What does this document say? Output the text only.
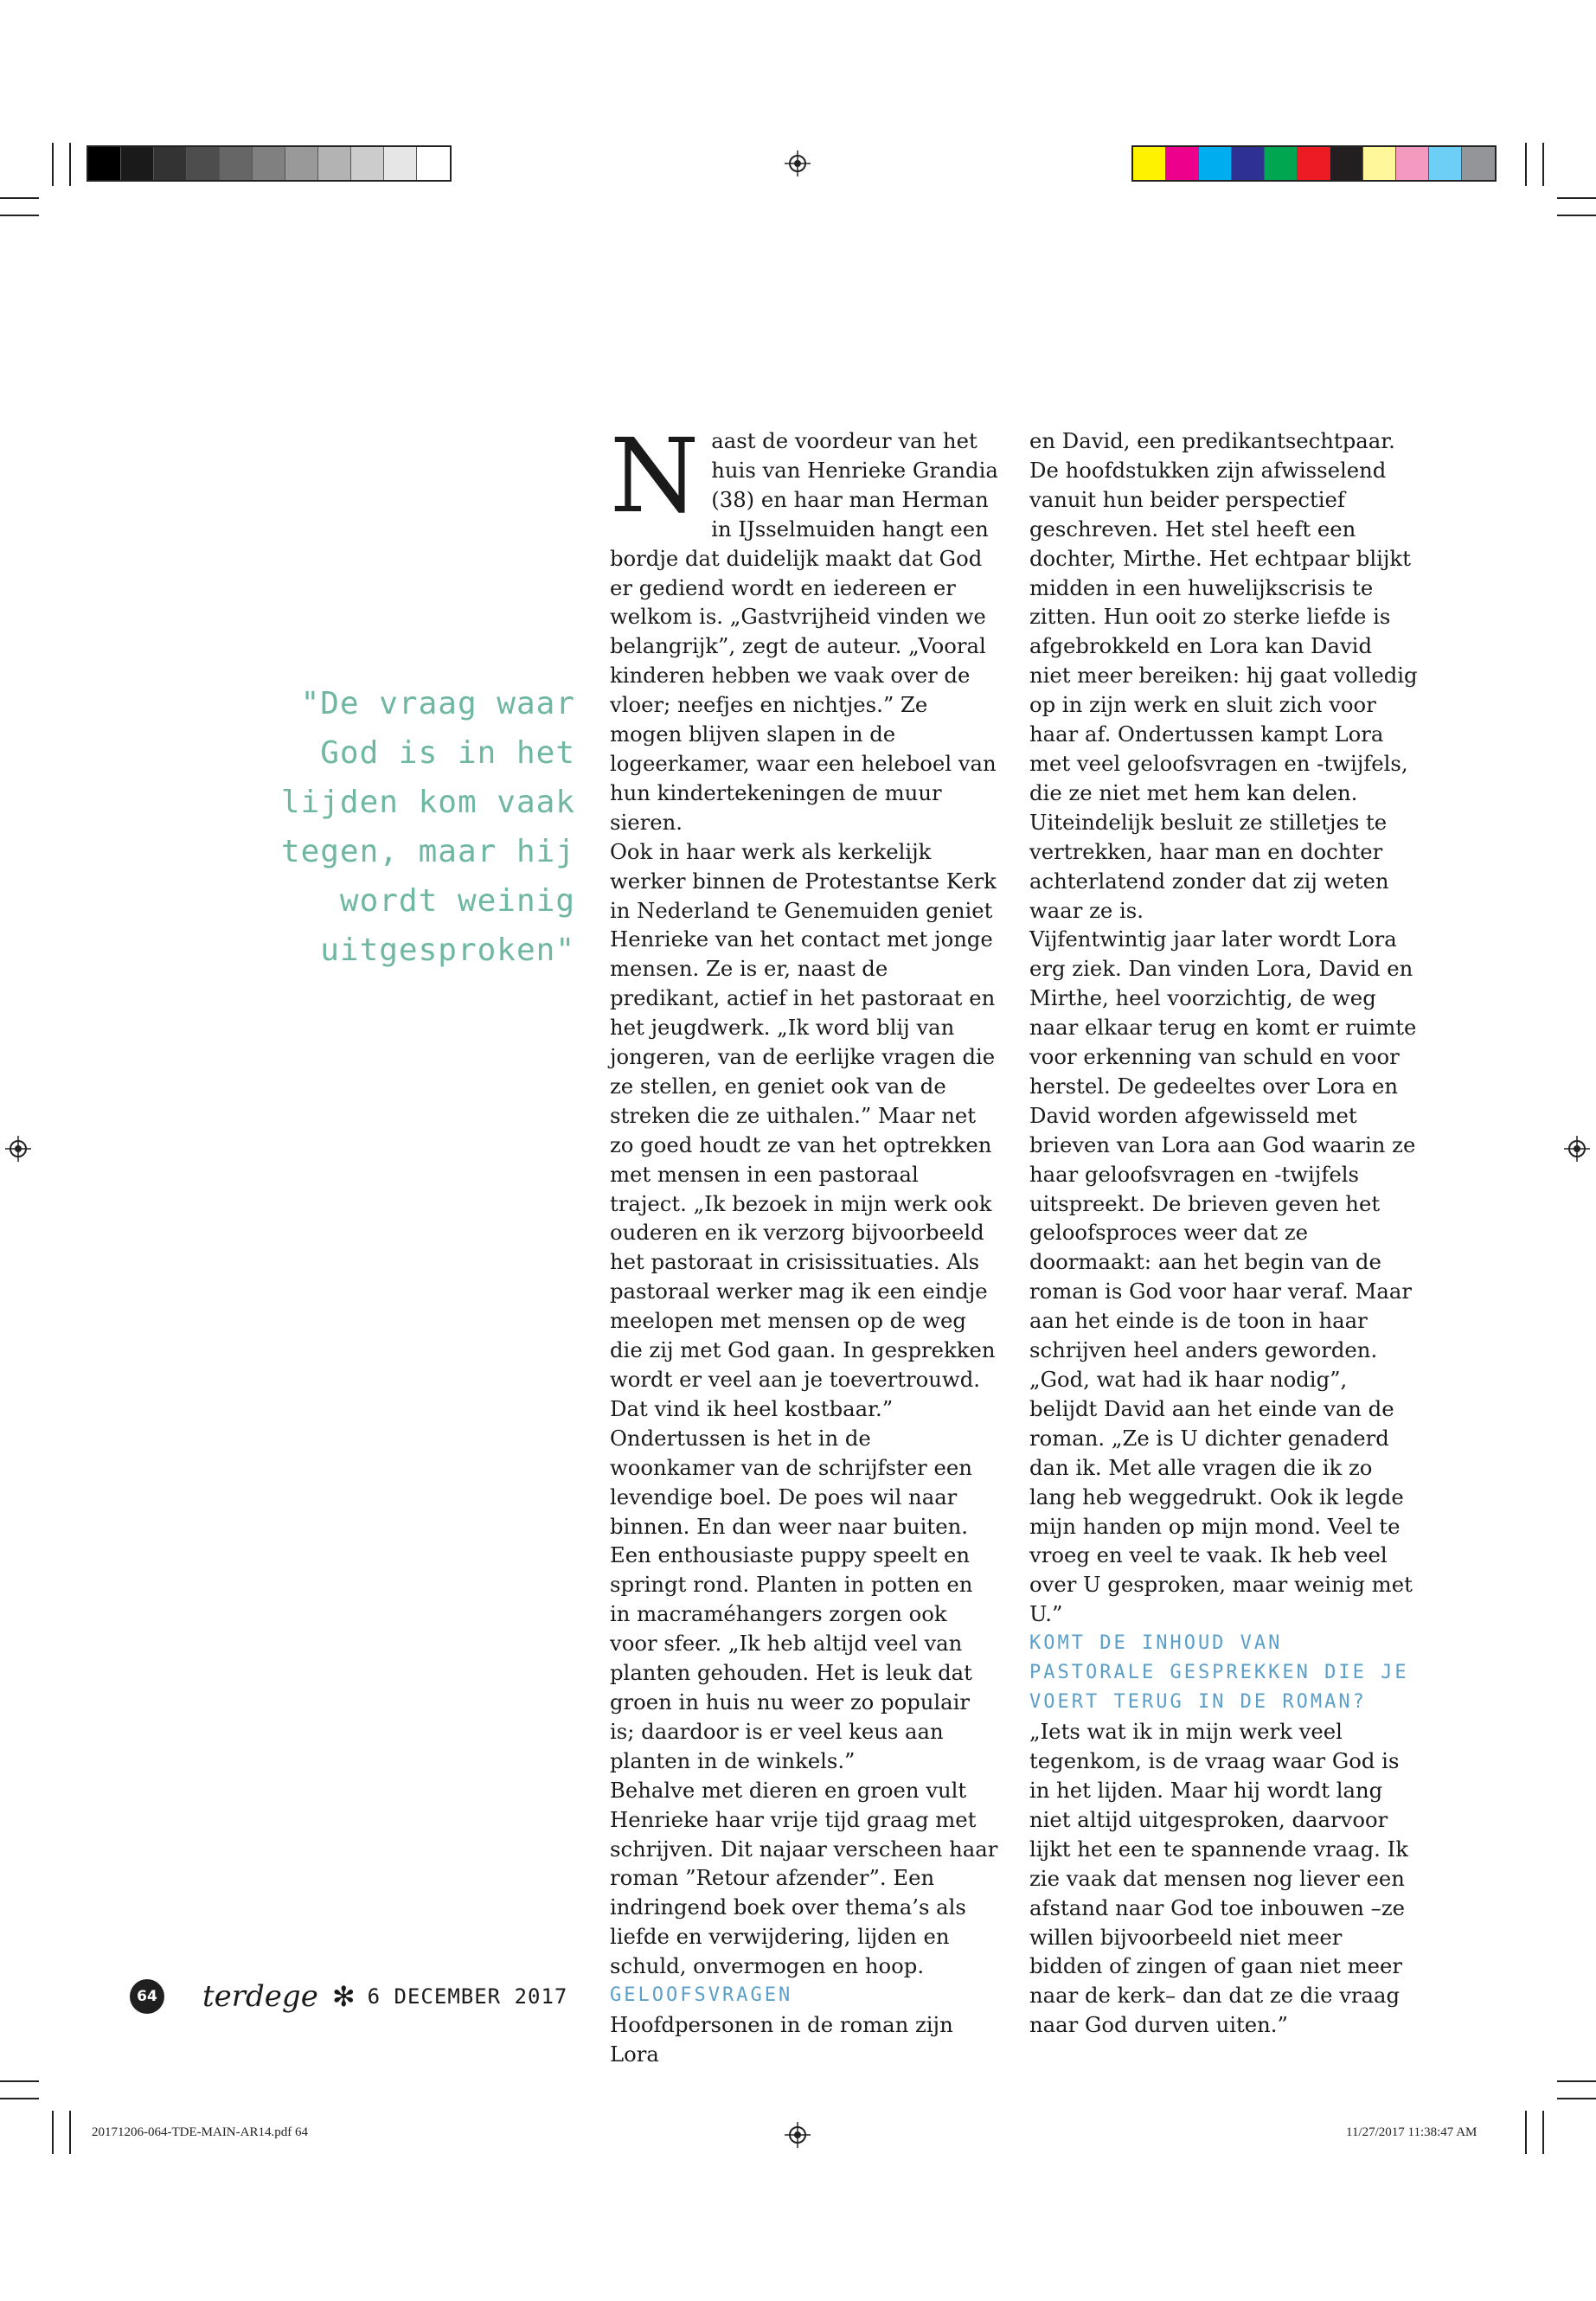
"De vraag waar
God is in het
lijden kom vaak
tegen, maar hij
wordt weinig
uitgesproken"
N aast de voordeur van het huis van Henrieke Grandia (38) en haar man Herman in IJsselmuiden hangt een bordje dat duidelijk maakt dat God er gediend wordt en iedereen er welkom is. „Gastvrijheid vinden we belangrijk”, zegt de auteur. „Vooral kinderen hebben we vaak over de vloer; neefjes en nichtjes.” Ze mogen blijven slapen in de logeerkamer, waar een heleboel van hun kindertekeningen de muur sieren.

Ook in haar werk als kerkelijk werker binnen de Protestantse Kerk in Nederland te Genemuiden geniet Henrieke van het contact met jonge mensen. Ze is er, naast de predikant, actief in het pastoraat en het jeugdwerk. „Ik word blij van jongeren, van de eerlijke vragen die ze stellen, en geniet ook van de streken die ze uithalen.” Maar net zo goed houdt ze van het optrekken met mensen in een pastoraal traject. „Ik bezoek in mijn werk ook ouderen en ik verzorg bijvoorbeeld het pastoraat in crisissituaties. Als pastoraal werker mag ik een eindje meelopen met mensen op de weg die zij met God gaan. In gesprekken wordt er veel aan je toevertrouwd. Dat vind ik heel kostbaar.”

Ondertussen is het in de woonkamer van de schrijfster een levendige boel. De poes wil naar binnen. En dan weer naar buiten. Een enthousiaste puppy speelt en springt rond. Planten in potten en in macraméhangers zorgen ook voor sfeer. „Ik heb altijd veel van planten gehouden. Het is leuk dat groen in huis nu weer zo populair is; daardoor is er veel keus aan planten in de winkels.”

Behalve met dieren en groen vult Henrieke haar vrije tijd graag met schrijven. Dit najaar verscheen haar roman ”Retour afzender”. Een indringend boek over thema’s als liefde en verwijdering, lijden en schuld, onvermogen en hoop.

GELOOFSVRAGEN

Hoofdpersonen in de roman zijn Lora

en David, een predikantsechtpaar. De hoofdstukken zijn afwisselend vanuit hun beider perspectief geschreven. Het stel heeft een dochter, Mirthe. Het echtpaar blijkt midden in een huwelijkscrisis te zitten. Hun ooit zo sterke liefde is afgebrokkeld en Lora kan David niet meer bereiken: hij gaat volledig op in zijn werk en sluit zich voor haar af. Ondertussen kampt Lora met veel geloofsvragen en -twijfels, die ze niet met hem kan delen. Uiteindelijk besluit ze stilletjes te vertrekken, haar man en dochter achterlatend zonder dat zij weten waar ze is.

Vijfentwintig jaar later wordt Lora erg ziek. Dan vinden Lora, David en Mirthe, heel voorzichtig, de weg naar elkaar terug en komt er ruimte voor erkenning van schuld en voor herstel. De gedeeltes over Lora en David worden afgewisseld met brieven van Lora aan God waarin ze haar geloofsvragen en -twijfels uitspreekt. De brieven geven het geloofsproces weer dat ze doormaakt: aan het begin van de roman is God voor haar veraf. Maar aan het einde is de toon in haar schrijven heel anders geworden.

„God, wat had ik haar nodig”, belijdt David aan het einde van de roman. „Ze is U dichter genaderd dan ik. Met alle vragen die ik zo lang heb weggedrukt. Ook ik legde mijn handen op mijn mond. Veel te vroeg en veel te vaak. Ik heb veel over U gesproken, maar weinig met U.”

KOMT DE INHOUD VAN PASTORALE GESPREKKEN DIE JE VOERT TERUG IN DE ROMAN?

„Iets wat ik in mijn werk veel tegenkom, is de vraag waar God is in het lijden. Maar hij wordt lang niet altijd uitgesproken, daarvoor lijkt het een te spannende vraag. Ik zie vaak dat mensen nog liever een afstand naar God toe inbouwen –ze willen bijvoorbeeld niet meer bidden of zingen of gaan niet meer naar de kerk– dan dat ze die vraag naar God durven uiten.”

64 terdege ✻ 6 DECEMBER 2017
20171206-064-TDE-MAIN-AR14.pdf 64	11/27/2017 11:38:47 AM
